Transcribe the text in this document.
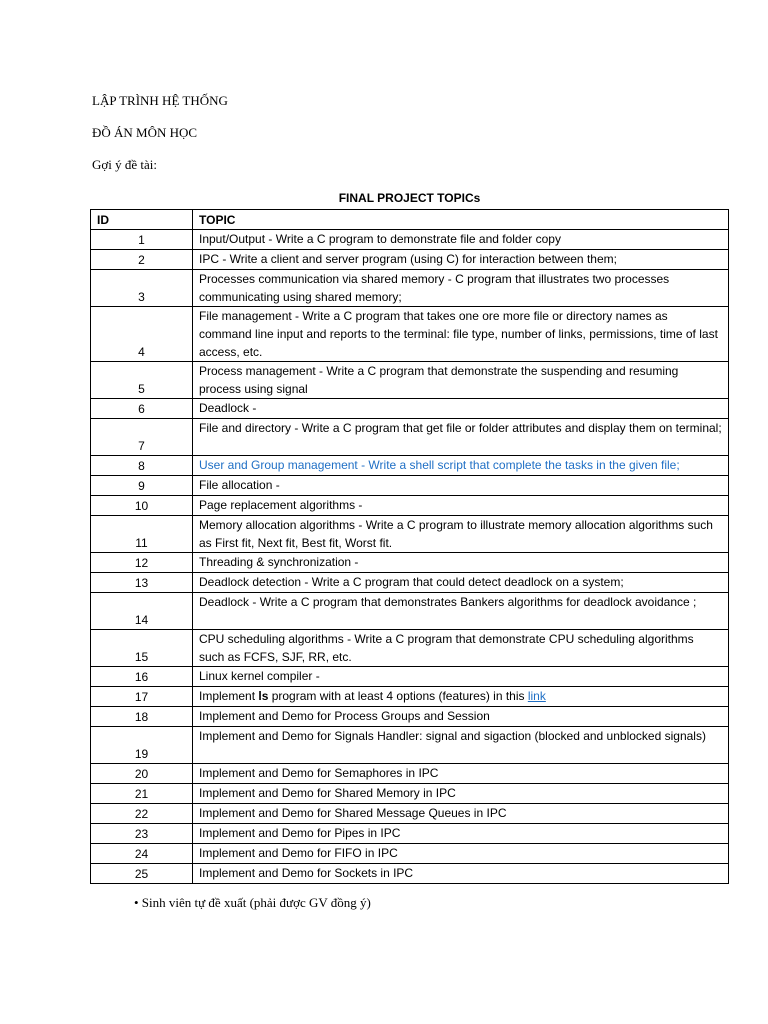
LẬP TRÌNH HỆ THỐNG
ĐỒ ÁN MÔN HỌC
Gợi ý đề tài:
FINAL PROJECT TOPICs
ID	TOPIC
1	Input/Output - Write a C program to demonstrate file and folder copy
2	IPC - Write a client and server program (using C) for interaction between them;
3	Processes communication via shared memory - C program that illustrates two processes communicating using shared memory;
4	File management - Write a C program that takes one ore more file or directory names as command line input and reports to the terminal: file type, number of links, permissions, time of last access, etc.
5	Process management - Write a C program that demonstrate the suspending and resuming process using signal
6	Deadlock -
7	File and directory - Write a C program that get file or folder attributes and display them on terminal;
8	User and Group management - Write a shell script that complete the tasks in the given file;
9	File allocation -
10	Page replacement algorithms -
11	Memory allocation algorithms - Write a C program to illustrate memory allocation algorithms such as First fit, Next fit, Best fit, Worst fit.
12	Threading & synchronization -
13	Deadlock detection - Write a C program that could detect deadlock on a system;
14	Deadlock - Write a C program that demonstrates Bankers algorithms for deadlock avoidance ;
15	CPU scheduling algorithms - Write a C program that demonstrate CPU scheduling algorithms such as FCFS, SJF, RR, etc.
16	Linux kernel compiler -
17	Implement ls program with at least 4 options (features) in this link
18	Implement and Demo for Process Groups and Session
19	Implement and Demo for Signals Handler: signal and sigaction (blocked and unblocked signals)
20	Implement and Demo for Semaphores in IPC
21	Implement and Demo for Shared Memory in IPC
22	Implement and Demo for Shared Message Queues in IPC
23	Implement and Demo for Pipes in IPC
24	Implement and Demo for FIFO in IPC
25	Implement and Demo for Sockets in IPC
• Sinh viên tự đề xuất (phải được GV đồng ý)
